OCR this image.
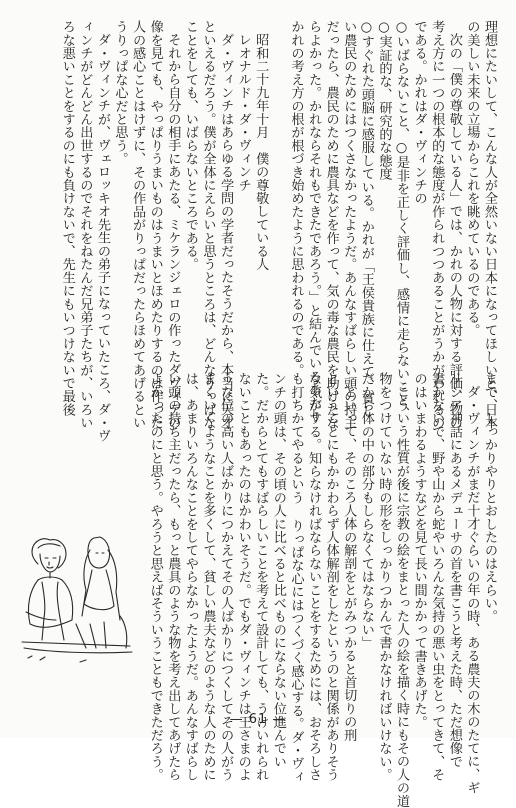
理想にたいして、こんな人が全然いない日本になってほしいと、日本
の美しい未来の立場からこれを眺めているのである。
次の「僕の尊敬している人」では、かれの人物に対する評価、物の
考え方に一つの根本的な態度が作られつつあることがうかがわれるの
である。かれはダ・ヴィンチの
○いばらないこと、○是非を正しく評価し、感情に走らないこと、
○実証的な、研究的な態度
○すぐれた頭脳に感服している。かれが「王侯貴族に仕えて、貧し
い農民のためにはつくさなかったようだ。あんなすばらしい頭の持主
だったら、農民のために農具などを作って、気の毒な農民を助けたな
らよかった。かれならそれもできたであろう。」と結んでいるあたり
かれの考え方の根が根づき始めたように思われるのである。

昭和二十九年十月　僕の尊敬している人
レオナルド・ダ・ヴィンチ
ダ・ヴィンチはあらゆる学問の学者だったそうだから、本当に天才
といえるだろう。僕が全体にえらいと思うところは、どんなりっぱな
ことをしても、いばらないところである。
それから自分の相手にあたる、ミケランジェロの作ったダヴィデの
像を見ても、やっぱりうまいものはうまいとほめたりするのは作った
人の感心ことはけずに、その作品がりっぱだったらほめてあげるとい
うりっぱな心だと思う。
ダ・ヴィンチが、ヴェロッキオ先生の弟子になっていたころ、ダ・ヴ
ィンチがどんどん出世するのでそれをねたんだ兄弟子たちが、いろい
ろな悪いことをするのにも負けないで、先生にもいつけないで最後
まで、しっかりやりとおしたのはえらい。
ダ・ヴィンチがまだ十才ぐらいの年の時、ある農夫の木のたてに、ギ
リシア神話にあるメデューサの首を書こうと考えた時、ただ想像で
書かないで、野や山から蛇やいろんな気持の悪い虫をとってきて、そ
のはいまわるようすなどを見て長い間かかって書きあげた。
こういう性質が後に宗教の絵をまとった人の絵を描く時にもその人の道
物をつけていない時の形をしっかりつかんで書かなければいけない。
だから体の中の部分もしらなくてはならない」
といって、そのころ人体の解剖をとがみつかると首切りの刑
ということにもかかわらず人体解剖をしたというのと関係がありそう
な気がする。知らなければならないことをするためには、おそろしさ
も打ちかてやるという りっぱな心にはつくづく感心する。ダ・ヴィ
ンチの頭は、その頃の人に比べると比べものにならない位進んでい
た。だからとてもすばらしいことを考えて設計しても、うけいれられ
ないこともあったのはかわいそうだ。でもダ・ヴィンチは王さまのよ
うな位の高い人ばかりにつかえてその人ばかりにつくしてその人がう
まくいくようなことを多くして、貧しい農夫などのような人のために
は、あまりいろんなことをしてやらなかったようだ。あんなすばらし
い頭の持ち主だったら、もっと農具のような物を考え出してあげたら
よかったのにと思う。やろうと思えばそういうこともできただろう。	— 61 —
